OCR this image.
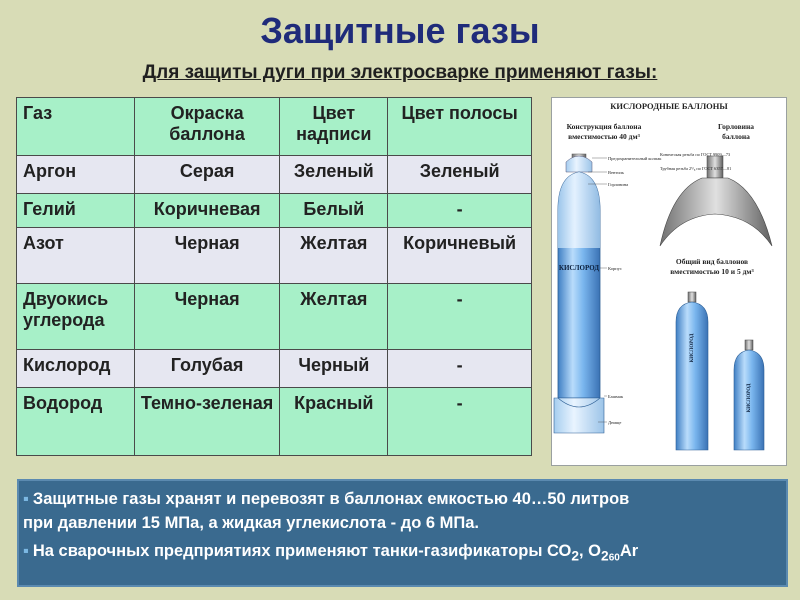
Защитные газы
Для защиты дуги при электросварке применяют газы:
Газ	Окраска баллона	Цвет надписи	Цвет полосы
Аргон	Серая	Зеленый	Зеленый
Гелий	Коричневая	Белый	-
Азот	Черная	Желтая	Коричневый
Двуокись углерода	Черная	Желтая	-
Кислород	Голубая	Черный	-
Водород	Темно-зеленая	Красный	-
КИСЛОРОДНЫЕ БАЛЛОНЫ
Конструкция баллона
вместимостью 40 дм³
Горловина
баллона
КИСЛОРОД
Предохранительный колпак
Вентиль
Горловина
Корпус
Башмак
Днище
Коническая резьба по ГОСТ 9909—73
Трубная резьба 2⁵/₈ по ГОСТ 6357—81
Общий вид баллонов
вместимостью 10 и 5 дм³
КИСЛОРОД
КИСЛОРОД
▪ Защитные газы хранят и перевозят в баллонах емкостью 40…50 литров
при давлении 15 МПа, а жидкая углекислота - до 6 МПа.
▪ На сварочных предприятиях применяют танки-газификаторы $СО_2$, $О_{260}Ar$
